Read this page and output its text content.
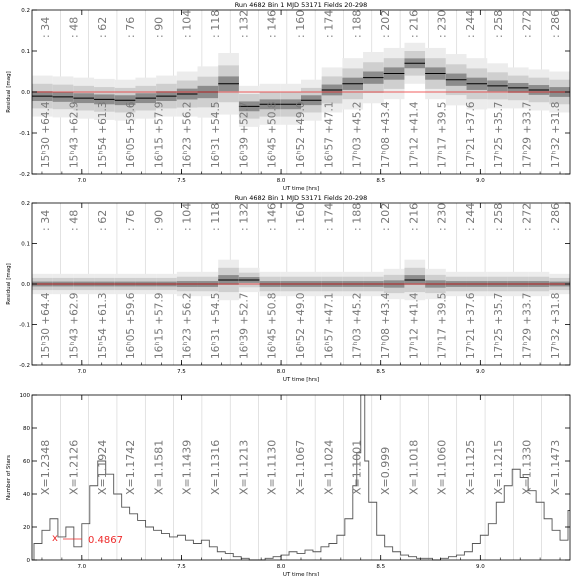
Run 4682 Bin 1 MJD 53171 Fields 20-298
: 34
15ʰ30 +64.4
: 48
15ʰ43 +62.9
: 62
15ʰ54 +61.3
: 76
16ʰ05 +59.6
: 90
16ʰ15 +57.9
: 104
16ʰ23 +56.2
: 118
16ʰ31 +54.5
: 132
16ʰ39 +52.7
: 146
16ʰ45 +50.8
: 160
16ʰ52 +49.0
: 174
16ʰ57 +47.1
: 188
17ʰ03 +45.2
: 202
17ʰ08 +43.4
: 216
17ʰ12 +41.4
: 230
17ʰ17 +39.5
: 244
17ʰ21 +37.6
: 258
17ʰ25 +35.7
: 272
17ʰ29 +33.7
: 286
17ʰ32 +31.8
7.0	7.5	8.0	8.5	9.0
-0.2
-0.1
0.0
0.1
0.2
UT time [hrs]
Residual [mag]
Run 4682 Bin 1 MJD 53171 Fields 20-298
: 34
15ʰ30 +64.4
: 48
15ʰ43 +62.9
: 62
15ʰ54 +61.3
: 76
16ʰ05 +59.6
: 90
16ʰ15 +57.9
: 104
16ʰ23 +56.2
: 118
16ʰ31 +54.5
: 132
16ʰ39 +52.7
: 146
16ʰ45 +50.8
: 160
16ʰ52 +49.0
: 174
16ʰ57 +47.1
: 188
17ʰ03 +45.2
: 202
17ʰ08 +43.4
: 216
17ʰ12 +41.4
: 230
17ʰ17 +39.5
: 244
17ʰ21 +37.6
: 258
17ʰ25 +35.7
: 272
17ʰ29 +33.7
: 286
17ʰ32 +31.8
7.0	7.5	8.0	8.5	9.0
-0.2
-0.1
0.0
0.1
0.2
UT time [hrs]
Residual [mag]
X=1.2348 X=1.2126 X=1.1924 X=1.1742 X=1.1581 X=1.1439 X=1.1316 X=1.1213 X=1.1130 X=1.1067 X=1.1024 X=1.1001 X=0.999 X=1.1018 X=1.1060 X=1.1125 X=1.1215 X=1.1330 X=1.1473
x	0.4867
7.0	7.5	8.0	8.5	9.0
0
20
40
60
80
100
UT time [hrs]
Number of Stars
